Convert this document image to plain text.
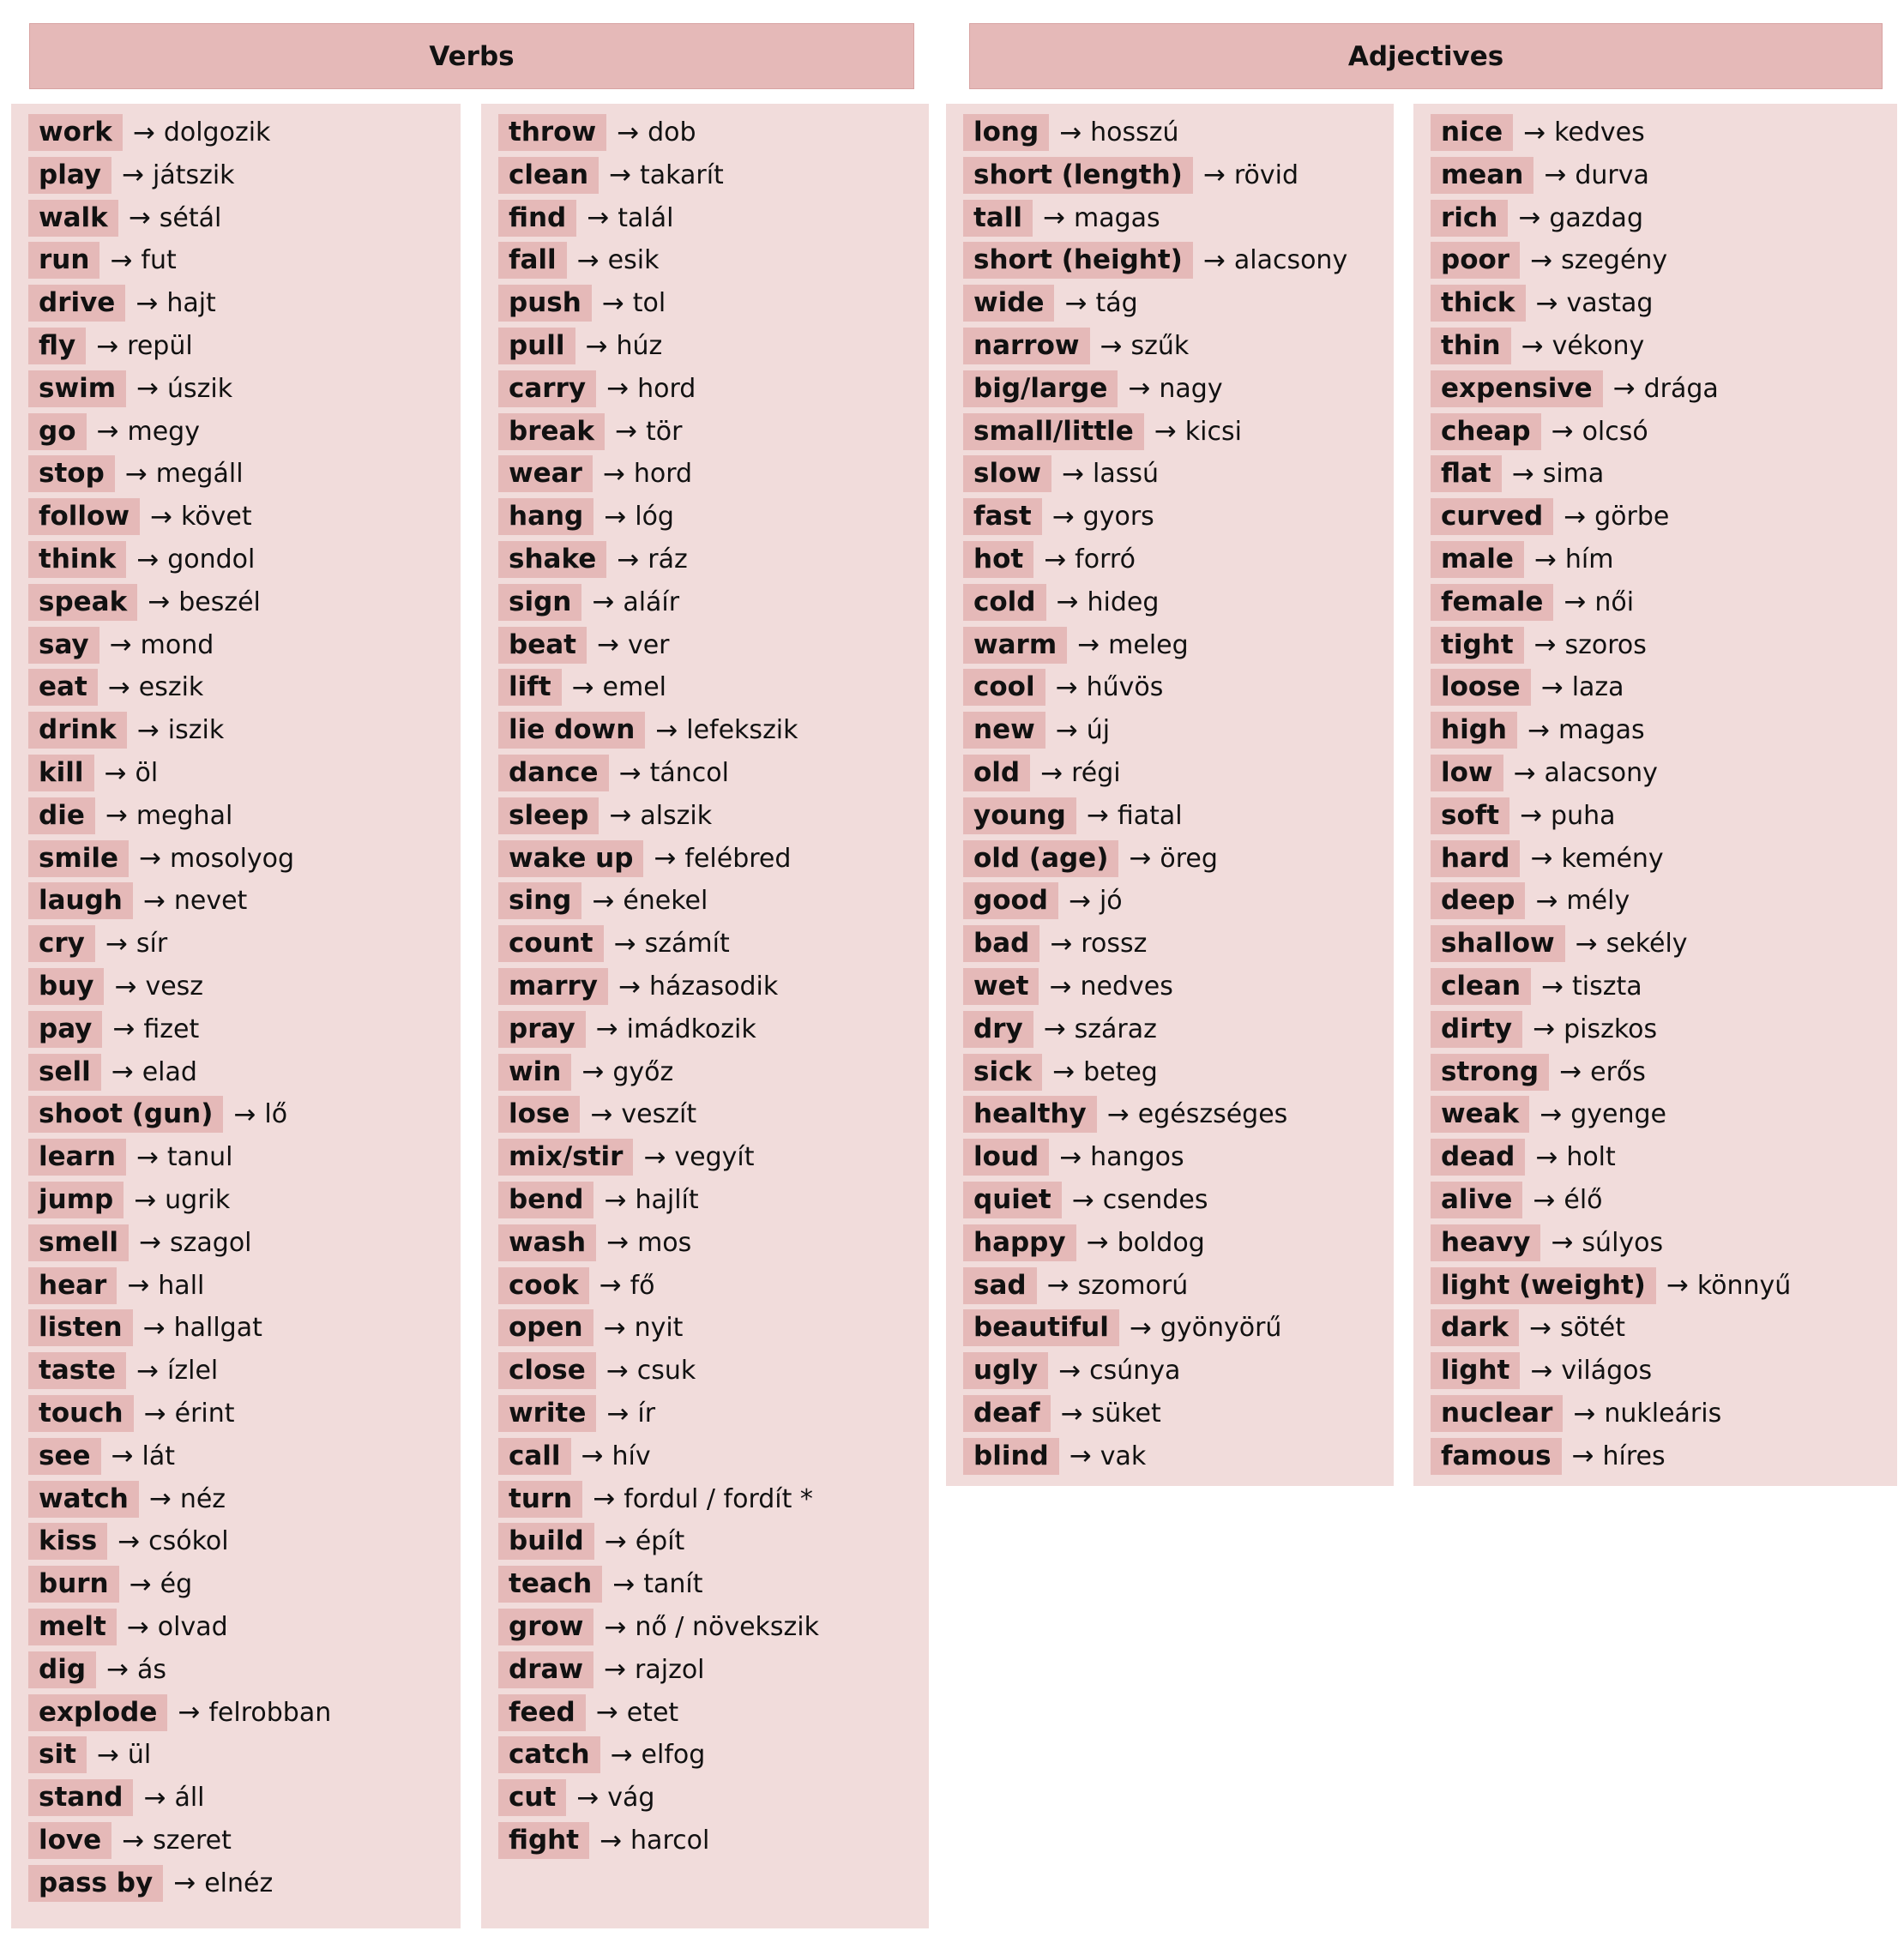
Verbs	Adjectives
work → dolgozik
play → játszik
walk → sétál
run → fut
drive → hajt
fly → repül
swim → úszik
go → megy
stop → megáll
follow → követ
think → gondol
speak → beszél
say → mond
eat → eszik
drink → iszik
kill → öl
die → meghal
smile → mosolyog
laugh → nevet
cry → sír
buy → vesz
pay → fizet
sell → elad
shoot (gun) → lő
learn → tanul
jump → ugrik
smell → szagol
hear → hall
listen → hallgat
taste → ízlel
touch → érint
see → lát
watch → néz
kiss → csókol
burn → ég
melt → olvad
dig → ás
explode → felrobban
sit → ül
stand → áll
love → szeret
pass by → elnéz
throw → dob
clean → takarít
find → talál
fall → esik
push → tol
pull → húz
carry → hord
break → tör
wear → hord
hang → lóg
shake → ráz
sign → aláír
beat → ver
lift → emel
lie down → lefekszik
dance → táncol
sleep → alszik
wake up → felébred
sing → énekel
count → számít
marry → házasodik
pray → imádkozik
win → győz
lose → veszít
mix/stir → vegyít
bend → hajlít
wash → mos
cook → fő
open → nyit
close → csuk
write → ír
call → hív
turn → fordul / fordít *
build → épít
teach → tanít
grow → nő / növekszik
draw → rajzol
feed → etet
catch → elfog
cut → vág
fight → harcol
long → hosszú
short (length) → rövid
tall → magas
short (height) → alacsony
wide → tág
narrow → szűk
big/large → nagy
small/little → kicsi
slow → lassú
fast → gyors
hot → forró
cold → hideg
warm → meleg
cool → hűvös
new → új
old → régi
young → fiatal
old (age) → öreg
good → jó
bad → rossz
wet → nedves
dry → száraz
sick → beteg
healthy → egészséges
loud → hangos
quiet → csendes
happy → boldog
sad → szomorú
beautiful → gyönyörű
ugly → csúnya
deaf → süket
blind → vak
nice → kedves
mean → durva
rich → gazdag
poor → szegény
thick → vastag
thin → vékony
expensive → drága
cheap → olcsó
flat → sima
curved → görbe
male → hím
female → női
tight → szoros
loose → laza
high → magas
low → alacsony
soft → puha
hard → kemény
deep → mély
shallow → sekély
clean → tiszta
dirty → piszkos
strong → erős
weak → gyenge
dead → holt
alive → élő
heavy → súlyos
light (weight) → könnyű
dark → sötét
light → világos
nuclear → nukleáris
famous → híres
